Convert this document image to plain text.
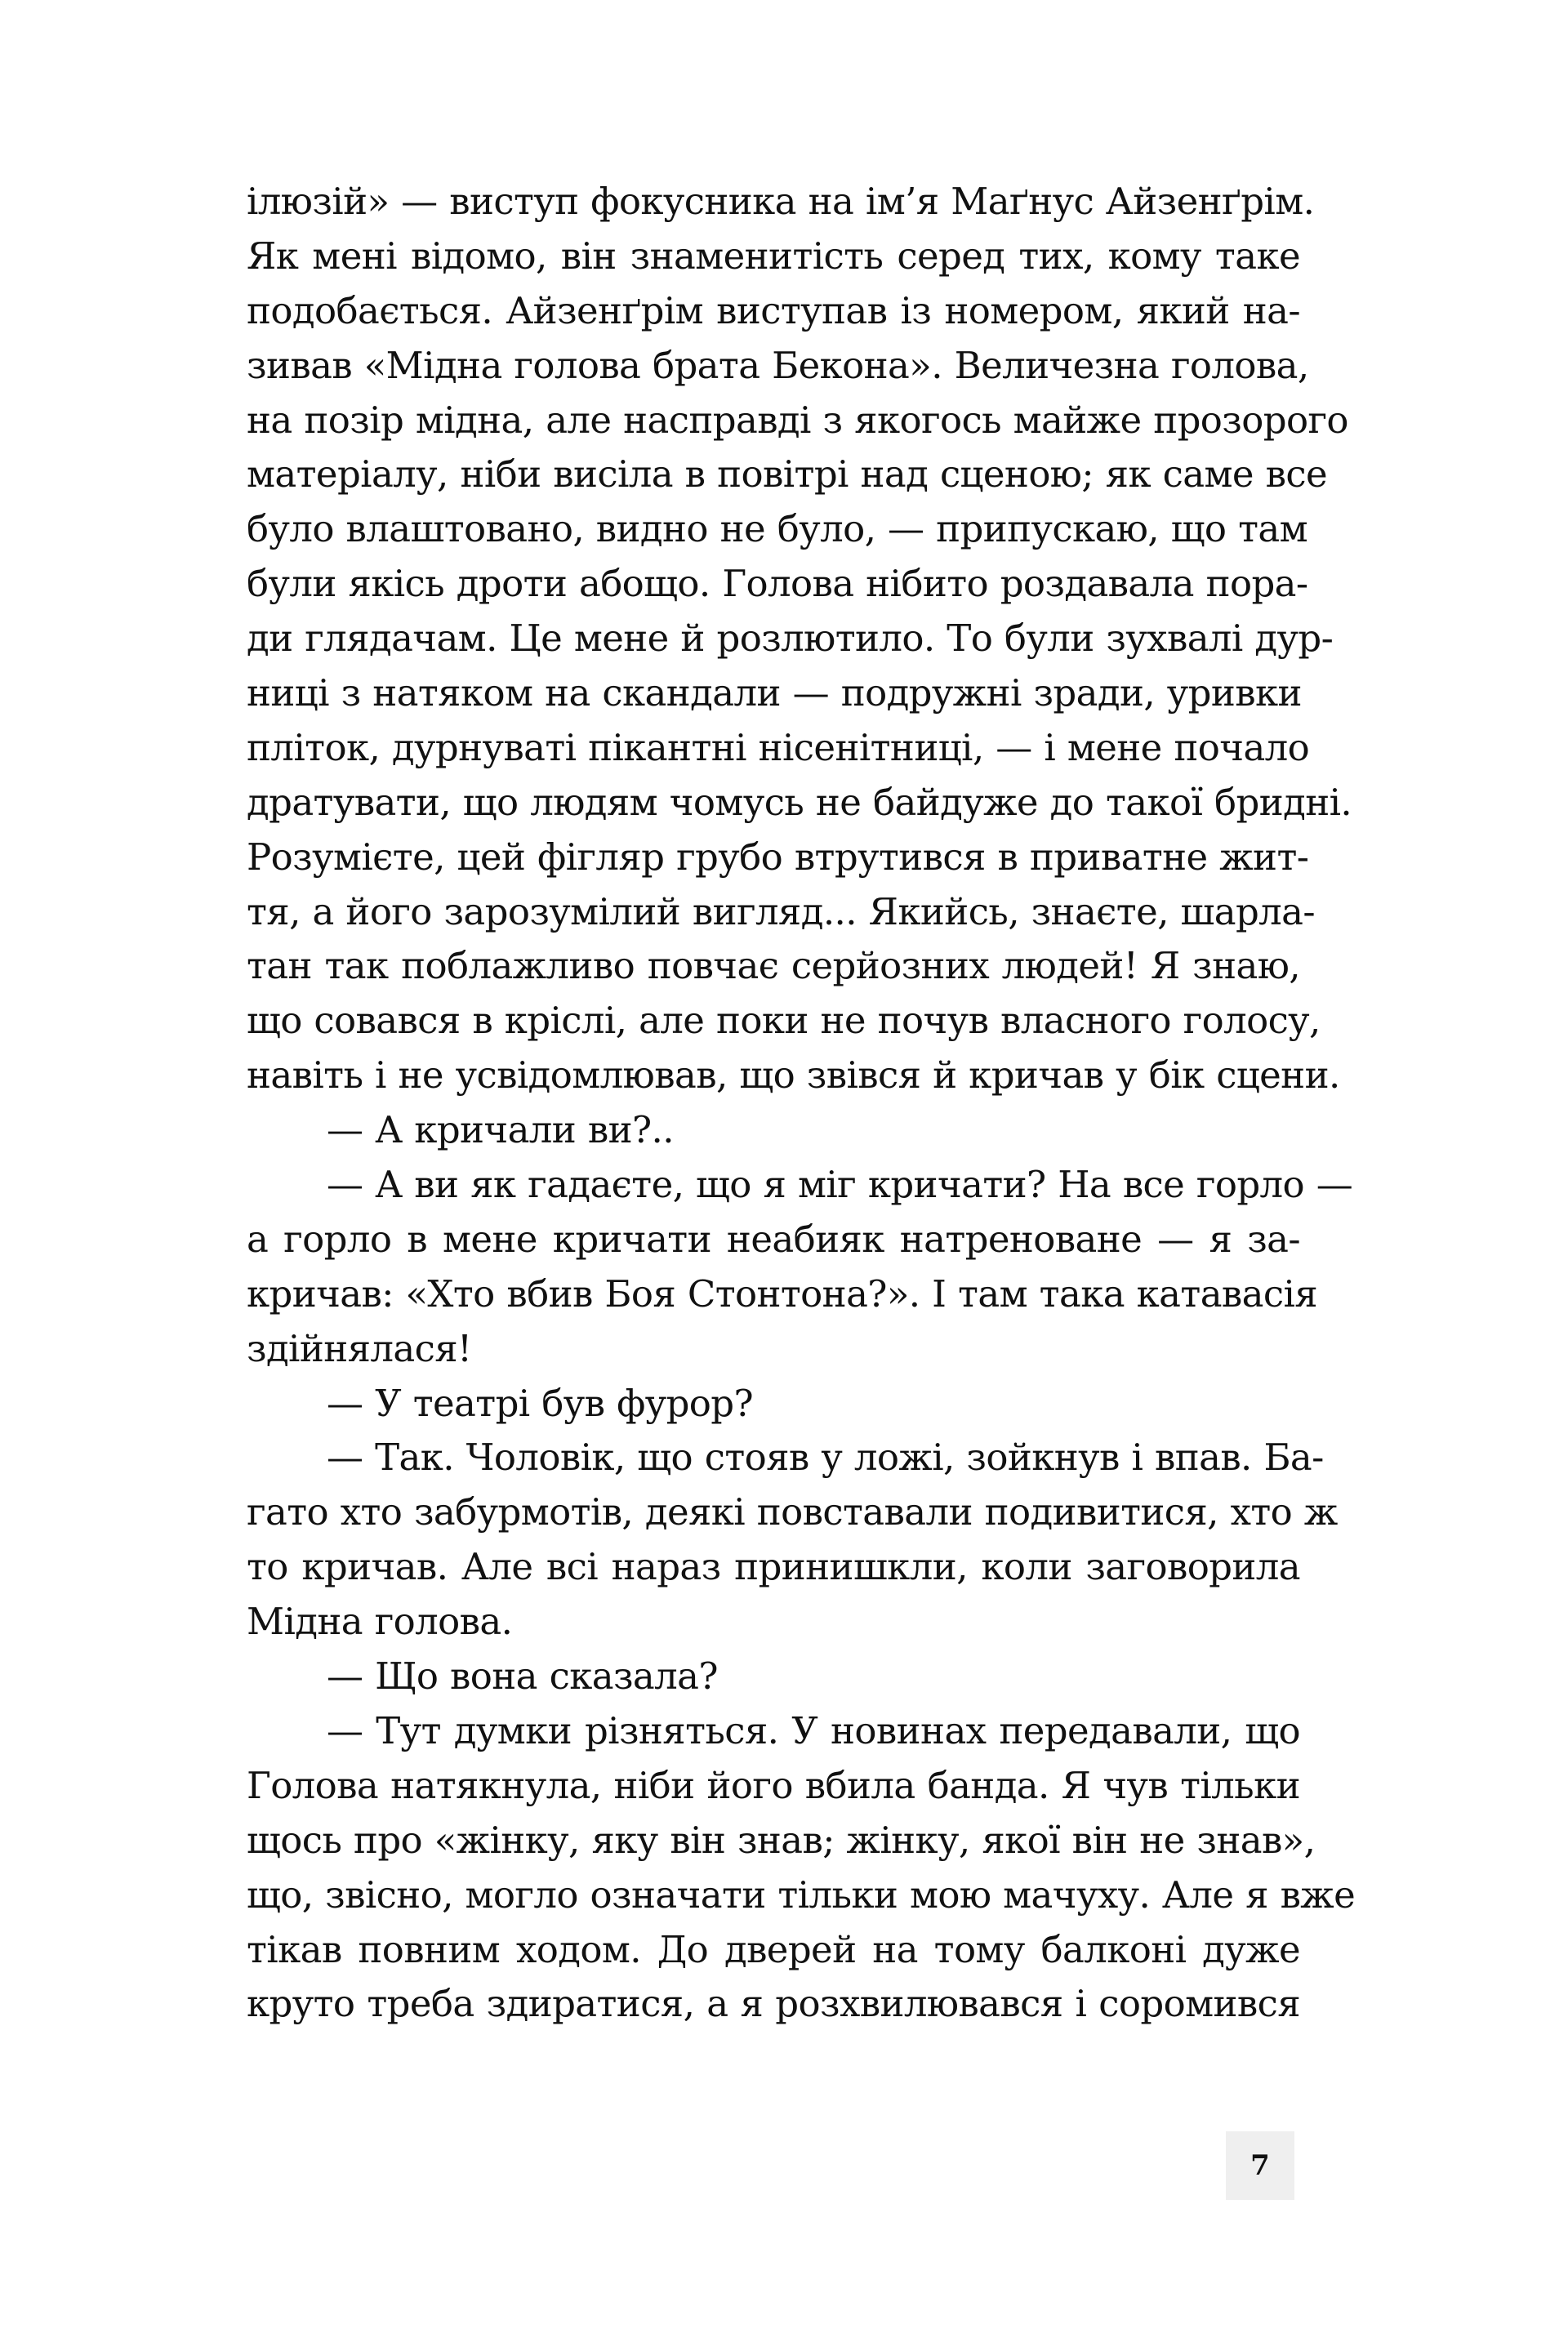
ілюзій» — виступ фокусника на ім’я Маґнус Айзенґрім.
Як мені відомо, він знаменитість серед тих, кому таке
подобається. Айзенґрім виступав із номером, який на-
зивав «Мідна голова брата Бекона». Величезна голова,
на позір мідна, але насправді з якогось майже прозорого
матеріалу, ніби висіла в повітрі над сценою; як саме все
було влаштовано, видно не було, — припускаю, що там
були якісь дроти абощо. Голова нібито роздавала пора-
ди глядачам. Це мене й розлютило. То були зухвалі дур-
ниці з натяком на скандали — подружні зради, уривки
пліток, дурнуваті пікантні нісенітниці, — і мене почало
дратувати, що людям чомусь не байдуже до такої бридні.
Розумієте, цей фігляр грубо втрутився в приватне жит-
тя, а його зарозумілий вигляд... Якийсь, знаєте, шарла-
тан так поблажливо повчає серйозних людей! Я знаю,
що совався в кріслі, але поки не почув власного голосу,
навіть і не усвідомлював, що звівся й кричав у бік сцени.
— А кричали ви?..
— А ви як гадаєте, що я міг кричати? На все горло —
а горло в мене кричати неабияк натреноване — я за-
кричав: «Хто вбив Боя Стонтона?». І там така катавасія
здійнялася!
— У театрі був фурор?
— Так. Чоловік, що стояв у ложі, зойкнув і впав. Ба-
гато хто забурмотів, деякі повставали подивитися, хто ж
то кричав. Але всі нараз принишкли, коли заговорила
Мідна голова.
— Що вона сказала?
— Тут думки різняться. У новинах передавали, що
Голова натякнула, ніби його вбила банда. Я чув тільки
щось про «жінку, яку він знав; жінку, якої він не знав»,
що, звісно, могло означати тільки мою мачуху. Але я вже
тікав повним ходом. До дверей на тому балконі дуже
круто треба здиратися, а я розхвилювався і соромився
7
